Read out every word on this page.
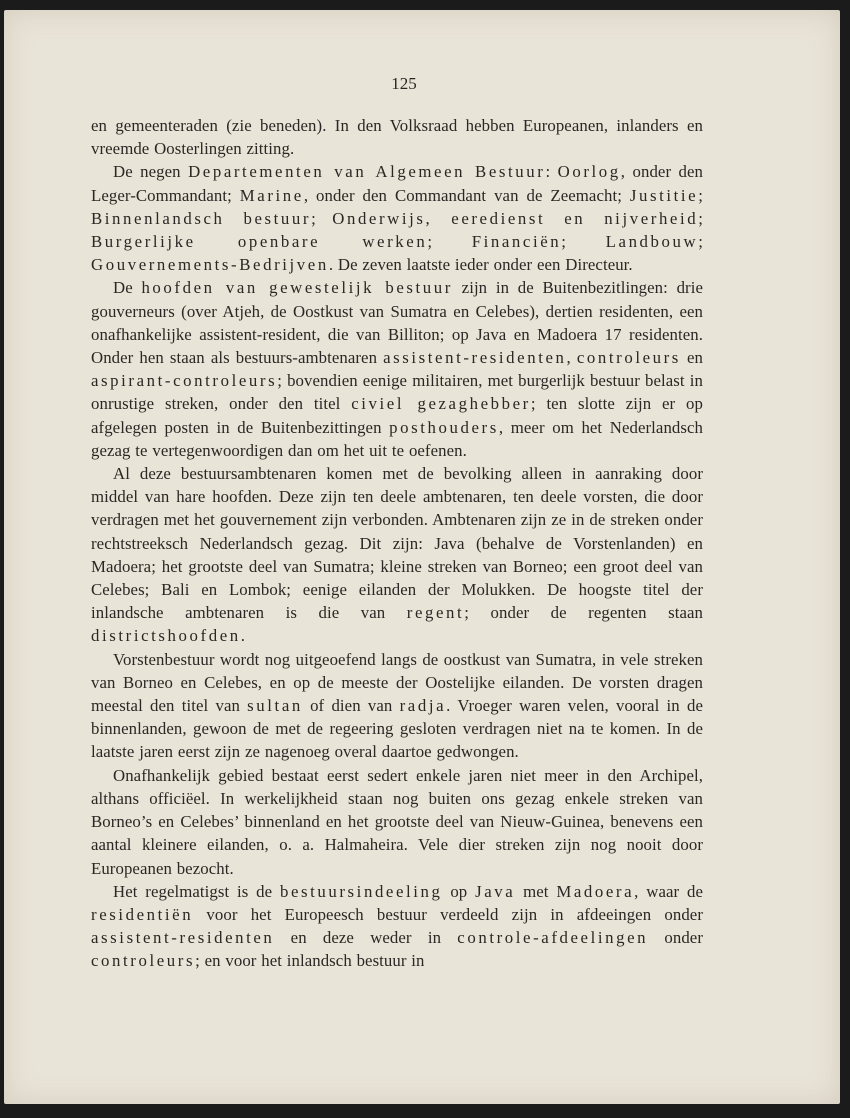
125

en gemeenteraden (zie beneden). In den Volksraad hebben Europeanen, inlanders en vreemde Oosterlingen zitting.

De negen Departementen van Algemeen Bestuur: Oorlog, onder den Leger-Commandant; Marine, onder den Commandant van de Zeemacht; Justitie; Binnenlandsch bestuur; Onderwijs, eeredienst en nijverheid; Burgerlijke openbare werken; Financiën; Landbouw; Gouvernements-Bedrijven. De zeven laatste ieder onder een Directeur.

De hoofden van gewestelijk bestuur zijn in de Buitenbezitlingen: drie gouverneurs (over Atjeh, de Oostkust van Sumatra en Celebes), dertien residenten, een onafhankelijke assistent-resident, die van Billiton; op Java en Madoera 17 residenten. Onder hen staan als bestuurs-ambtenaren assistent-residenten, controleurs en aspirant-controleurs; bovendien eenige militairen, met burgerlijk bestuur belast in onrustige streken, onder den titel civiel gezaghebber; ten slotte zijn er op afgelegen posten in de Buitenbezittingen posthouders, meer om het Nederlandsch gezag te vertegenwoordigen dan om het uit te oefenen.

Al deze bestuursambtenaren komen met de bevolking alleen in aanraking door middel van hare hoofden. Deze zijn ten deele ambtenaren, ten deele vorsten, die door verdragen met het gouvernement zijn verbonden. Ambtenaren zijn ze in de streken onder rechtstreeksch Nederlandsch gezag. Dit zijn: Java (behalve de Vorstenlanden) en Madoera; het grootste deel van Sumatra; kleine streken van Borneo; een groot deel van Celebes; Bali en Lombok; eenige eilanden der Molukken. De hoogste titel der inlandsche ambtenaren is die van regent; onder de regenten staan districtshoofden.

Vorstenbestuur wordt nog uitgeoefend langs de oostkust van Sumatra, in vele streken van Borneo en Celebes, en op de meeste der Oostelijke eilanden. De vorsten dragen meestal den titel van sultan of dien van radja. Vroeger waren velen, vooral in de binnenlanden, gewoon de met de regeering gesloten verdragen niet na te komen. In de laatste jaren eerst zijn ze nagenoeg overal daartoe gedwongen.

Onafhankelijk gebied bestaat eerst sedert enkele jaren niet meer in den Archipel, althans officiëel. In werkelijkheid staan nog buiten ons gezag enkele streken van Borneo’s en Celebes’ binnenland en het grootste deel van Nieuw-Guinea, benevens een aantal kleinere eilanden, o. a. Halmaheira. Vele dier streken zijn nog nooit door Europeanen bezocht.

Het regelmatigst is de bestuursindeeling op Java met Madoera, waar de residentiën voor het Europeesch bestuur verdeeld zijn in afdeeingen onder assistent-residenten en deze weder in controle-afdeelingen onder controleurs; en voor het inlandsch bestuur in
